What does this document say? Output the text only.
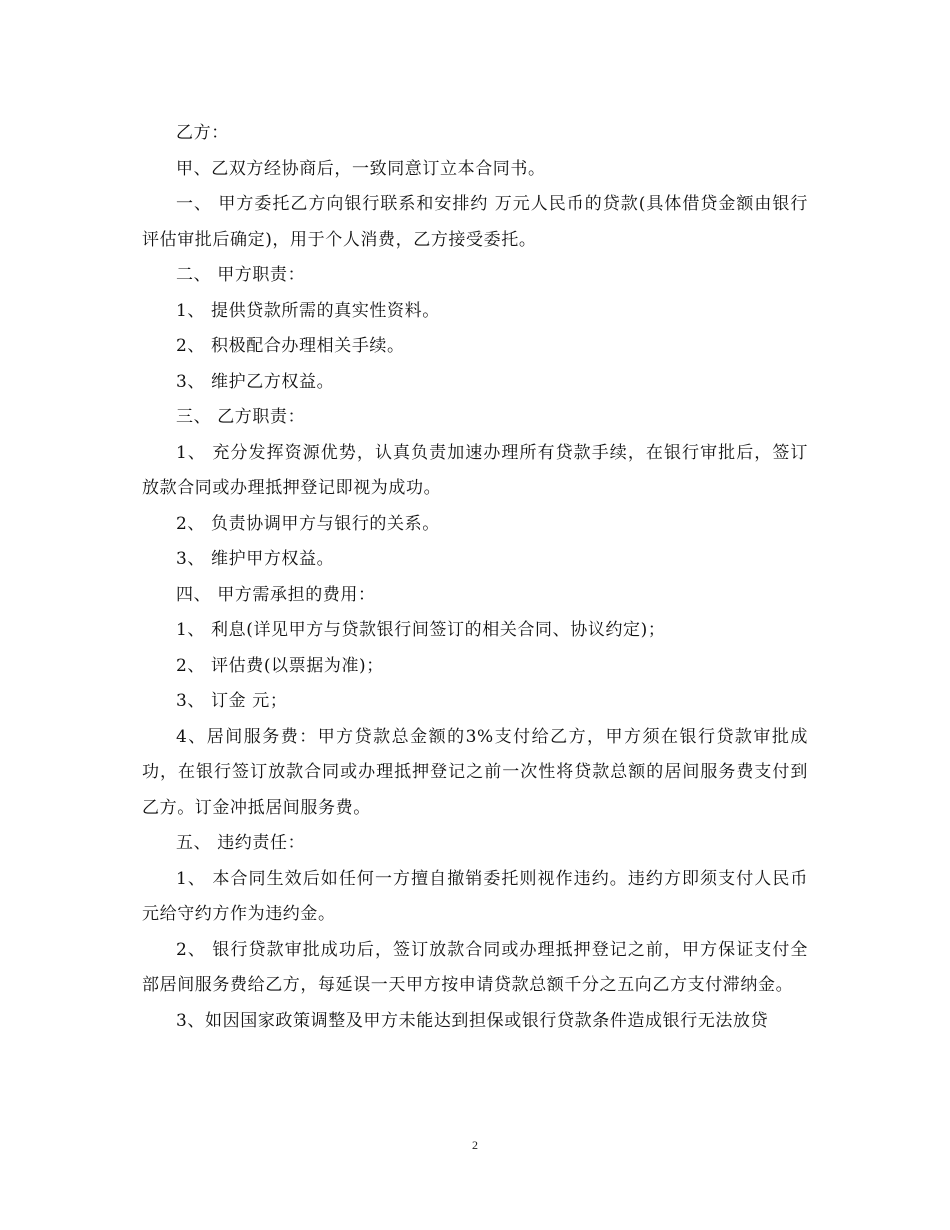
乙方：

甲、乙双方经协商后，一致同意订立本合同书。

一、 甲方委托乙方向银行联系和安排约 万元人民币的贷款(具体借贷金额由银行评估审批后确定)，用于个人消费，乙方接受委托。

二、 甲方职责：

1、 提供贷款所需的真实性资料。

2、 积极配合办理相关手续。

3、 维护乙方权益。

三、 乙方职责：

1、 充分发挥资源优势，认真负责加速办理所有贷款手续，在银行审批后，签订放款合同或办理抵押登记即视为成功。

2、 负责协调甲方与银行的关系。

3、 维护甲方权益。

四、 甲方需承担的费用：

1、 利息(详见甲方与贷款银行间签订的相关合同、协议约定)；

2、 评估费(以票据为准)；

3、 订金 元；

4、居间服务费：甲方贷款总金额的3%支付给乙方，甲方须在银行贷款审批成功，在银行签订放款合同或办理抵押登记之前一次性将贷款总额的居间服务费支付到乙方。订金冲抵居间服务费。

五、 违约责任：

1、 本合同生效后如任何一方擅自撤销委托则视作违约。违约方即须支付人民币 元给守约方作为违约金。

2、 银行贷款审批成功后，签订放款合同或办理抵押登记之前，甲方保证支付全部居间服务费给乙方，每延误一天甲方按申请贷款总额千分之五向乙方支付滞纳金。

3、如因国家政策调整及甲方未能达到担保或银行贷款条件造成银行无法放贷

2
